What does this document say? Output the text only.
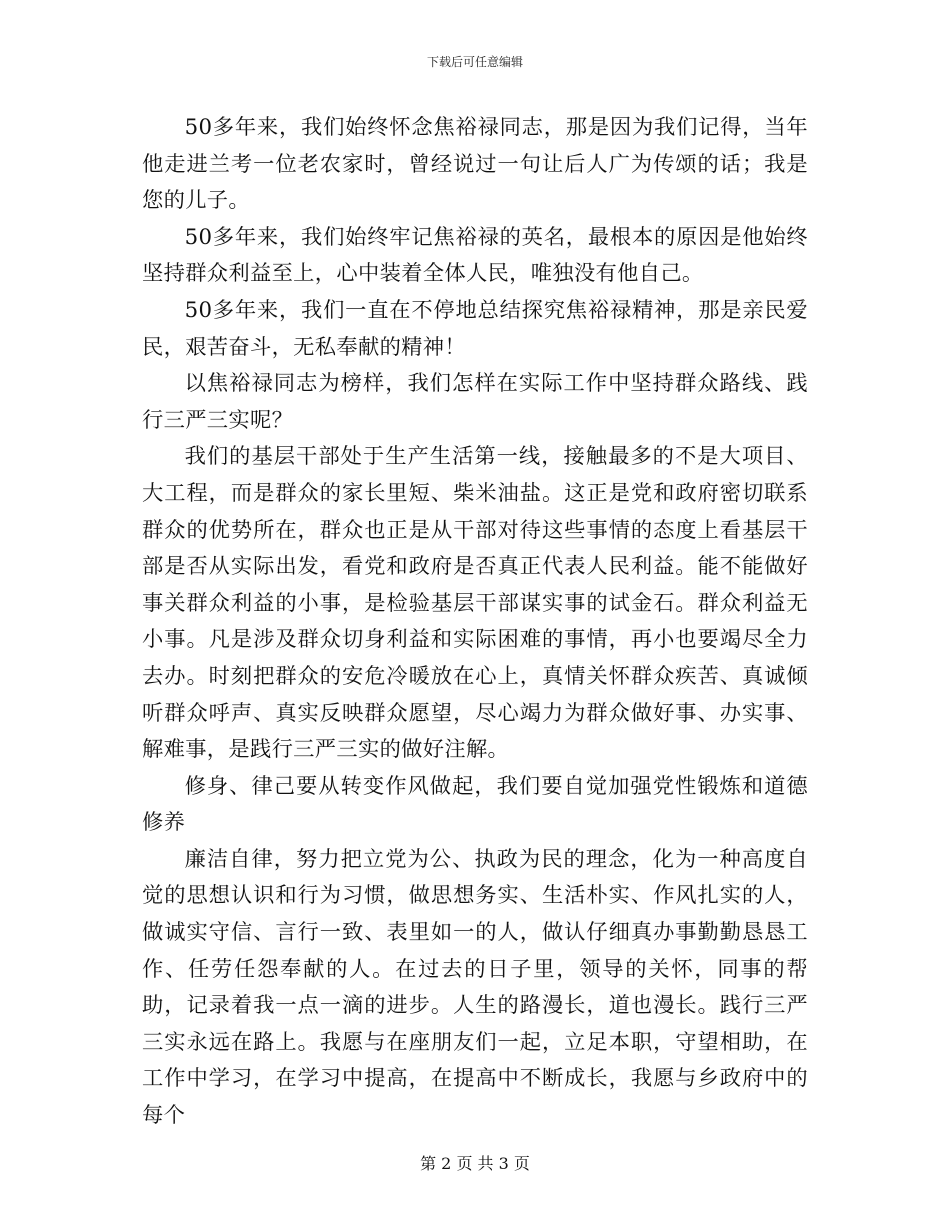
下载后可任意编辑

50多年来，我们始终怀念焦裕禄同志，那是因为我们记得，当年他走进兰考一位老农家时，曾经说过一句让后人广为传颂的话；我是您的儿子。

50多年来，我们始终牢记焦裕禄的英名，最根本的原因是他始终坚持群众利益至上，心中装着全体人民，唯独没有他自己。

50多年来，我们一直在不停地总结探究焦裕禄精神，那是亲民爱民，艰苦奋斗，无私奉献的精神！

以焦裕禄同志为榜样，我们怎样在实际工作中坚持群众路线、践行三严三实呢？

我们的基层干部处于生产生活第一线，接触最多的不是大项目、大工程，而是群众的家长里短、柴米油盐。这正是党和政府密切联系群众的优势所在，群众也正是从干部对待这些事情的态度上看基层干部是否从实际出发，看党和政府是否真正代表人民利益。能不能做好事关群众利益的小事，是检验基层干部谋实事的试金石。群众利益无小事。凡是涉及群众切身利益和实际困难的事情，再小也要竭尽全力去办。时刻把群众的安危冷暖放在心上，真情关怀群众疾苦、真诚倾听群众呼声、真实反映群众愿望，尽心竭力为群众做好事、办实事、解难事，是践行三严三实的做好注解。

修身、律己要从转变作风做起，我们要自觉加强党性锻炼和道德修养

廉洁自律，努力把立党为公、执政为民的理念，化为一种高度自觉的思想认识和行为习惯，做思想务实、生活朴实、作风扎实的人，做诚实守信、言行一致、表里如一的人，做认仔细真办事勤勤恳恳工作、任劳任怨奉献的人。在过去的日子里，领导的关怀，同事的帮助，记录着我一点一滴的进步。人生的路漫长，道也漫长。践行三严三实永远在路上。我愿与在座朋友们一起，立足本职，守望相助，在工作中学习，在学习中提高，在提高中不断成长，我愿与乡政府中的每个

第 2 页 共 3 页
